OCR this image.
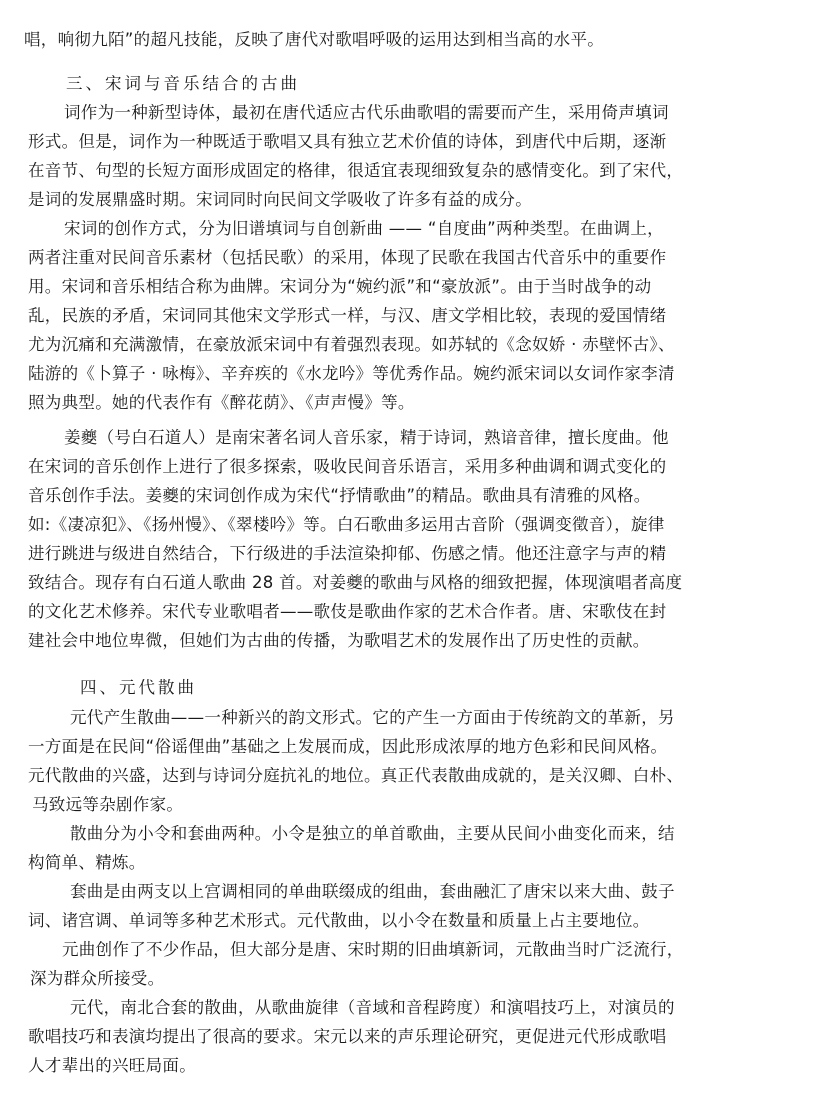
唱，响彻九陌”的超凡技能，反映了唐代对歌唱呼吸的运用达到相当高的水平。
三、宋词与音乐结合的古曲
词作为一种新型诗体，最初在唐代适应古代乐曲歌唱的需要而产生，采用倚声填词
形式。但是，词作为一种既适于歌唱又具有独立艺术价值的诗体，到唐代中后期，逐渐
在音节、句型的长短方面形成固定的格律，很适宜表现细致复杂的感情变化。到了宋代，
是词的发展鼎盛时期。宋词同时向民间文学吸收了许多有益的成分。
宋词的创作方式，分为旧谱填词与自创新曲 —— “自度曲”两种类型。在曲调上，
两者注重对民间音乐素材（包括民歌）的采用，体现了民歌在我国古代音乐中的重要作
用。宋词和音乐相结合称为曲牌。宋词分为“婉约派”和“豪放派”。由于当时战争的动
乱，民族的矛盾，宋词同其他宋文学形式一样，与汉、唐文学相比较，表现的爱国情绪
尤为沉痛和充满激情，在豪放派宋词中有着强烈表现。如苏轼的《念奴娇 · 赤壁怀古》、
陆游的《卜算子 · 咏梅》、辛弃疾的《水龙吟》等优秀作品。婉约派宋词以女词作家李清
照为典型。她的代表作有《醉花荫》、《声声慢》等。
姜夔（号白石道人）是南宋著名词人音乐家，精于诗词，熟谙音律，擅长度曲。他
在宋词的音乐创作上进行了很多探索，吸收民间音乐语言，采用多种曲调和调式变化的
音乐创作手法。姜夔的宋词创作成为宋代“抒情歌曲”的精品。歌曲具有清雅的风格。
如:《凄凉犯》、《扬州慢》、《翠楼吟》等。白石歌曲多运用古音阶（强调变徵音），旋律
进行跳进与级进自然结合，下行级进的手法渲染抑郁、伤感之情。他还注意字与声的精
致结合。现存有白石道人歌曲 28 首。对姜夔的歌曲与风格的细致把握，体现演唱者高度
的文化艺术修养。宋代专业歌唱者——歌伎是歌曲作家的艺术合作者。唐、宋歌伎在封
建社会中地位卑微，但她们为古曲的传播，为歌唱艺术的发展作出了历史性的贡献。
四、元代散曲
元代产生散曲——一种新兴的韵文形式。它的产生一方面由于传统韵文的革新，另
一方面是在民间“俗谣俚曲”基础之上发展而成，因此形成浓厚的地方色彩和民间风格。
元代散曲的兴盛，达到与诗词分庭抗礼的地位。真正代表散曲成就的，是关汉卿、白朴、
马致远等杂剧作家。
散曲分为小令和套曲两种。小令是独立的单首歌曲，主要从民间小曲变化而来，结
构简单、精炼。
套曲是由两支以上宫调相同的单曲联缀成的组曲，套曲融汇了唐宋以来大曲、鼓子
词、诸宫调、单词等多种艺术形式。元代散曲，以小令在数量和质量上占主要地位。
元曲创作了不少作品，但大部分是唐、宋时期的旧曲填新词，元散曲当时广泛流行，
深为群众所接受。
元代，南北合套的散曲，从歌曲旋律（音域和音程跨度）和演唱技巧上，对演员的
歌唱技巧和表演均提出了很高的要求。宋元以来的声乐理论研究，更促进元代形成歌唱
人才辈出的兴旺局面。
